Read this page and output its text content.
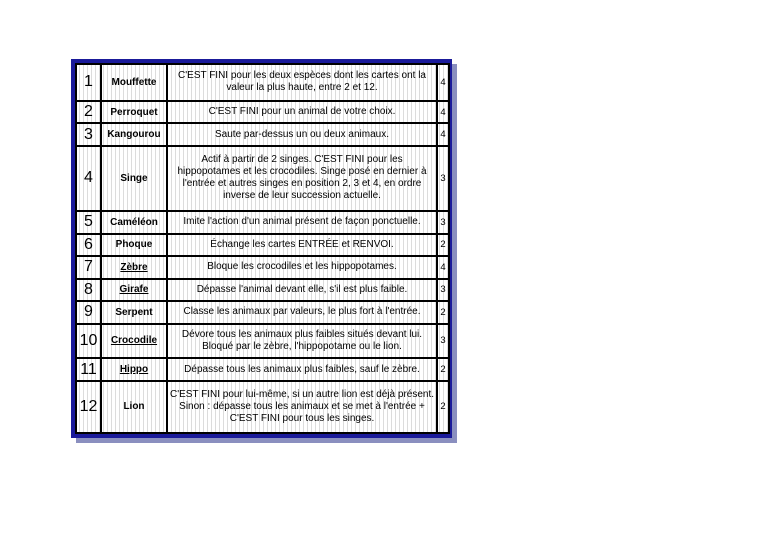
1	Mouffette	C'EST FINI pour les deux espèces dont les cartes ont la valeur la plus haute, entre 2 et 12.	4
2	Perroquet	C'EST FINI pour un animal de votre choix.	4
3	Kangourou	Saute par-dessus un ou deux animaux.	4
4	Singe	Actif à partir de 2 singes. C'EST FINI pour les hippopotames et les crocodiles. Singe posé en dernier à l'entrée et autres singes en position 2, 3 et 4, en ordre inverse de leur succession actuelle.	3
5	Caméléon	Imite l'action d'un animal présent de façon ponctuelle.	3
6	Phoque	Échange les cartes ENTRÉE et RENVOI.	2
7	Zèbre	Bloque les crocodiles et les hippopotames.	4
8	Girafe	Dépasse l'animal devant elle, s'il est plus faible.	3
9	Serpent	Classe les animaux par valeurs, le plus fort à l'entrée.	2
10	Crocodile	Dévore tous les animaux plus faibles situés devant lui. Bloqué par le zèbre, l'hippopotame ou le lion.	3
11	Hippo	Dépasse tous les animaux plus faibles, sauf le zèbre.	2
12	Lion	C'EST FINI pour lui-même, si un autre lion est déjà présent. Sinon : dépasse tous les animaux et se met à l'entrée + C'EST FINI pour tous les singes.	2
